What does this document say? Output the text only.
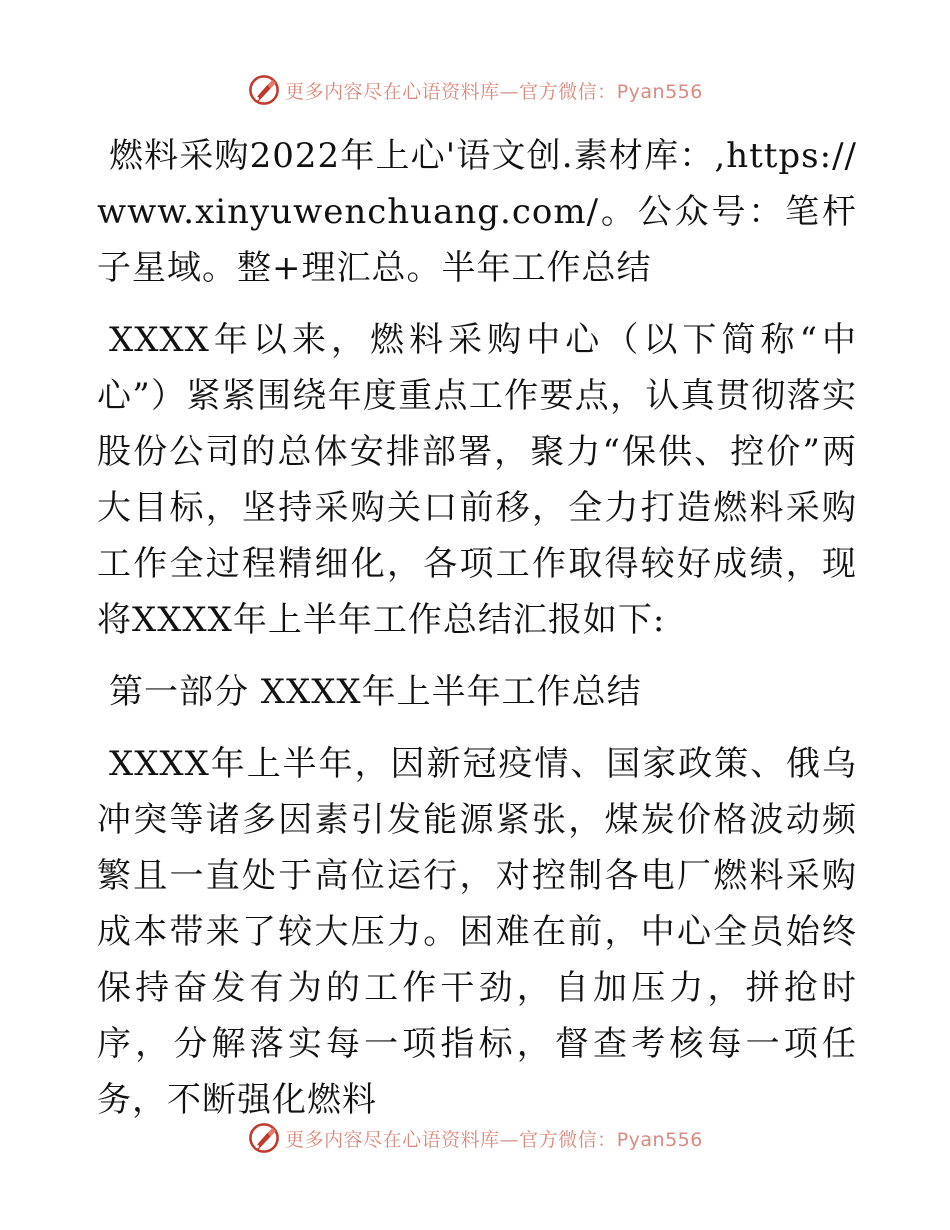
更多内容尽在心语资料库—官方微信：Pyan556

燃料采购2022年上心'语文创.素材库：,https://www.xinyuwenchuang.com/。公众号：笔杆子星域。整+理汇总。半年工作总结

XXXX年以来，燃料采购中心（以下简称“中心”）紧紧围绕年度重点工作要点，认真贯彻落实股份公司的总体安排部署，聚力“保供、控价”两大目标，坚持采购关口前移，全力打造燃料采购工作全过程精细化，各项工作取得较好成绩，现将XXXX年上半年工作总结汇报如下:

第一部分 XXXX年上半年工作总结

XXXX年上半年，因新冠疫情、国家政策、俄乌冲突等诸多因素引发能源紧张，煤炭价格波动频繁且一直处于高位运行，对控制各电厂燃料采购成本带来了较大压力。困难在前，中心全员始终保持奋发有为的工作干劲，自加压力，拼抢时序，分解落实每一项指标，督查考核每一项任务，不断强化燃料

更多内容尽在心语资料库—官方微信：Pyan556
